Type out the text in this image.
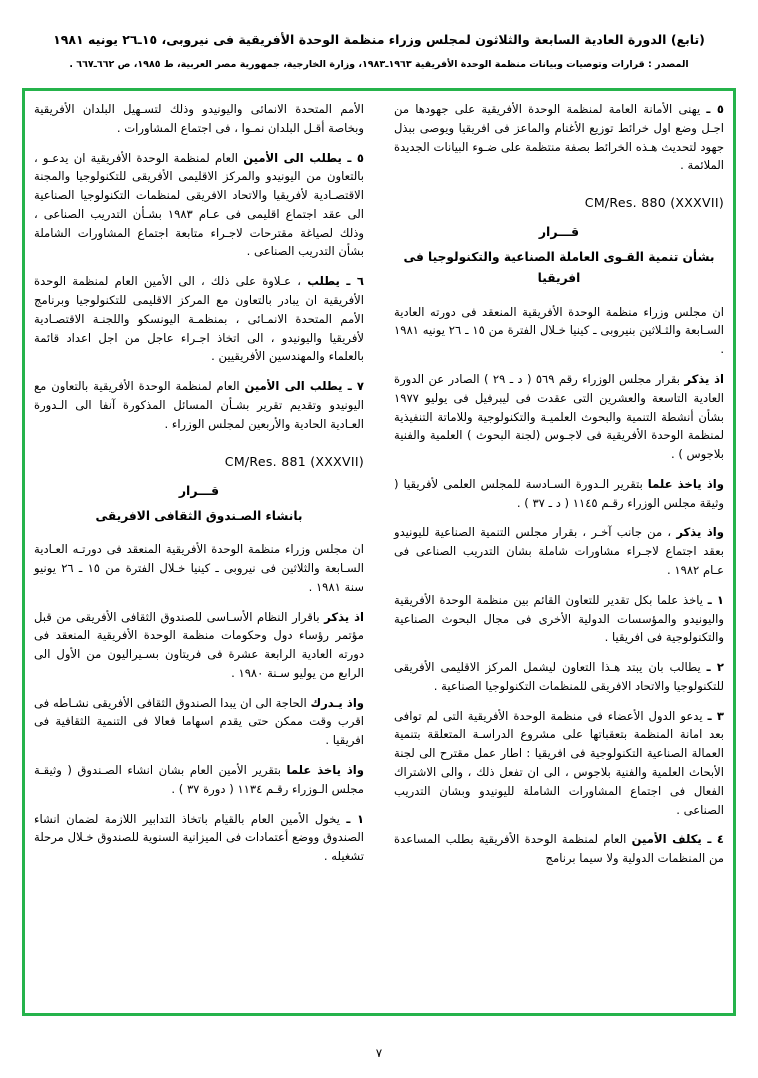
(تابع) الدورة العادية السابعة والثلاثون لمجلس وزراء منظمة الوحدة الأفريقية فى نيروبى، ١٥ـ٢٦ يونيه ١٩٨١
المصدر : قرارات وتوصيات وبيانات منظمة الوحدة الأفريقية ١٩٦٣ـ١٩٨٣، وزارة الخارجية، جمهورية مصر العربية، ط ١٩٨٥، ص ٦٦٢ـ٦٦٧ .

٥ ـ يهنى الأمانة العامة لمنظمة الوحدة الأفريقية على جهودها من اجـل وضع اول خرائط توزيع الأغنام والماعز فى افريقيا ويوصى ببذل جهود لتحديث هـذه الخرائط بصفة منتظمة على ضـوء البيانات الجديدة الملائمة .

CM/Res. 880 (XXXVII)
قـــرار
بشأن تنمية القـوى العاملة الصناعية والتكنولوجيا فى افريقيا

ان مجلس وزراء منظمة الوحدة الأفريقية المنعقد فى دورته العادية السـابعة والثـلاثين بنيروبى ـ كينيا خـلال الفترة من ١٥ ـ ٢٦ يونيه ١٩٨١ .

اذ يذكر بقرار مجلس الوزراء رقم ٥٦٩ ( د ـ ٢٩ ) الصادر عن الدورة العادية التاسعة والعشرين التى عقدت فى ليبرفيل فى يوليو ١٩٧٧ بشأن أنشطة التنمية والبحوث العلميـة والتكنولوجية وللاماتة التنفيذية لمنظمة الوحدة الأفريقية فى لاجـوس (لجنة البحوث ) العلمية والفنية بلاجوس ) .

واذ ياخذ علما بتقرير الـدورة السـادسة للمجلس العلمى لأفريقيا ( وثيقة مجلس الوزراء رقـم ١١٤٥ ( د ـ ٣٧ ) .

واذ يذكر ، من جانب آخـر ، بقرار مجلس التنمية الصناعية لليونيدو بعقد اجتماع لاجـراء مشاورات شاملة بشان التدريب الصناعى فى عـام ١٩٨٢ .

١ ـ ياخذ علما بكل تقدير للتعاون القائم بين منظمة الوحدة الأفريقية واليونيدو والمؤسسات الدولية الأخرى فى مجال البحوث الصناعية والتكنولوجية فى افريقيا .

٢ ـ يطالب بان يبتد هـذا التعاون ليشمل المركز الاقليمى الأفريقى للتكنولوجيا والاتحاد الافريقى للمنظمات التكنولوجيا الصناعية .

٣ ـ يدعو الدول الأعضاء فى منظمة الوحدة الأفريقية التى لم توافى بعد امانة المنظمة بتعقباتها على مشروع الدراسـة المتعلقة بتنمية العمالة الصناعية التكنولوجية فى افريقيا : اطار عمل مقترح الى لجنة الأبحاث العلمية والفنية بلاجوس ، الى ان تفعل ذلك ، والى الاشتراك الفعال فى اجتماع المشاورات الشاملة لليونيدو وبشان التدريب الصناعى .

٤ ـ يكلف الأمين العام لمنظمة الوحدة الأفريقية بطلب المساعدة من المنظمات الدولية ولا سيما برنامج

الأمم المتحدة الانمائى واليونيدو وذلك لتسـهيل البلدان الأفريقية وبخاصة أقـل البلدان نمـوا ، فى اجتماع المشاورات .

٥ ـ يطلب الى الأمين العام لمنظمة الوحدة الأفريقية ان يدعـو ، بالتعاون من اليونيدو والمركز الاقليمى الأفريقى للتكنولوجيا والمجنة الاقتصـادية لأفريقيا والاتحاد الافريقى لمنظمات التكنولوجيا الصناعية الى عقد اجتماع اقليمى فى عـام ١٩٨٣ بشـأن التدريب الصناعى ، وذلك لصياغة مقترحات لاجـراء متابعة اجتماع المشاورات الشاملة بشأن التدريب الصناعى .

٦ ـ يطلب ، عـلاوة على ذلك ، الى الأمين العام لمنظمة الوحدة الأفريقية ان يبادر بالتعاون مع المركز الاقليمى للتكنولوجيا وبرنامج الأمم المتحدة الانمـائى ، بمنظمـة اليونسكو واللجنـة الاقتصـادية لأفريقيا واليونيدو ، الى اتخاذ اجـراء عاجل من اجل اعداد قائمة بالعلماء والمهندسين الأفريقيين .

٧ ـ يطلب الى الأمين العام لمنظمة الوحدة الأفريقية بالتعاون مع اليونيدو وتقديم تقرير بشـأن المسائل المذكورة آنفا الى الـدورة العـادية الحادية والأربعين لمجلس الوزراء .

CM/Res. 881 (XXXVII)
قـــرار
بانشاء الصـندوق الثقافى الافريقى

ان مجلس وزراء منظمة الوحدة الأفريقية المنعقد فى دورتـه العـادية السـابعة والثلاثين فى نيروبى ـ كينيا خـلال الفترة من ١٥ ـ ٢٦ يونيو سنة ١٩٨١ .

اذ يذكر باقرار النظام الأسـاسى للصندوق الثقافى الأفريقى من قبل مؤتمر رؤساء دول وحكومات منظمة الوحدة الأفريقية المنعقد فى دورته العادية الرابعة عشرة فى فريتاون بسـيراليون من الأول الى الرابع من يوليو سـنة ١٩٨٠ .

واذ يـدرك الحاجة الى ان يبدا الصندوق الثقافى الأفريقى نشـاطه فى اقرب وقت ممكن حتى يقدم اسهاما فعالا فى التنمية الثقافية فى افريقيا .

واذ ياخذ علما بتقرير الأمين العام بشان انشاء الصـندوق ( وثيقـة مجلس الـوزراء رقـم ١١٣٤ ( دورة ٣٧ ) .

١ ـ يخول الأمين العام بالقيام باتخاذ التدابير اللازمة لضمان انشاء الصندوق ووضع أعتمادات فى الميزانية السنوية للصندوق خـلال مرحلة تشغيله .

٧
